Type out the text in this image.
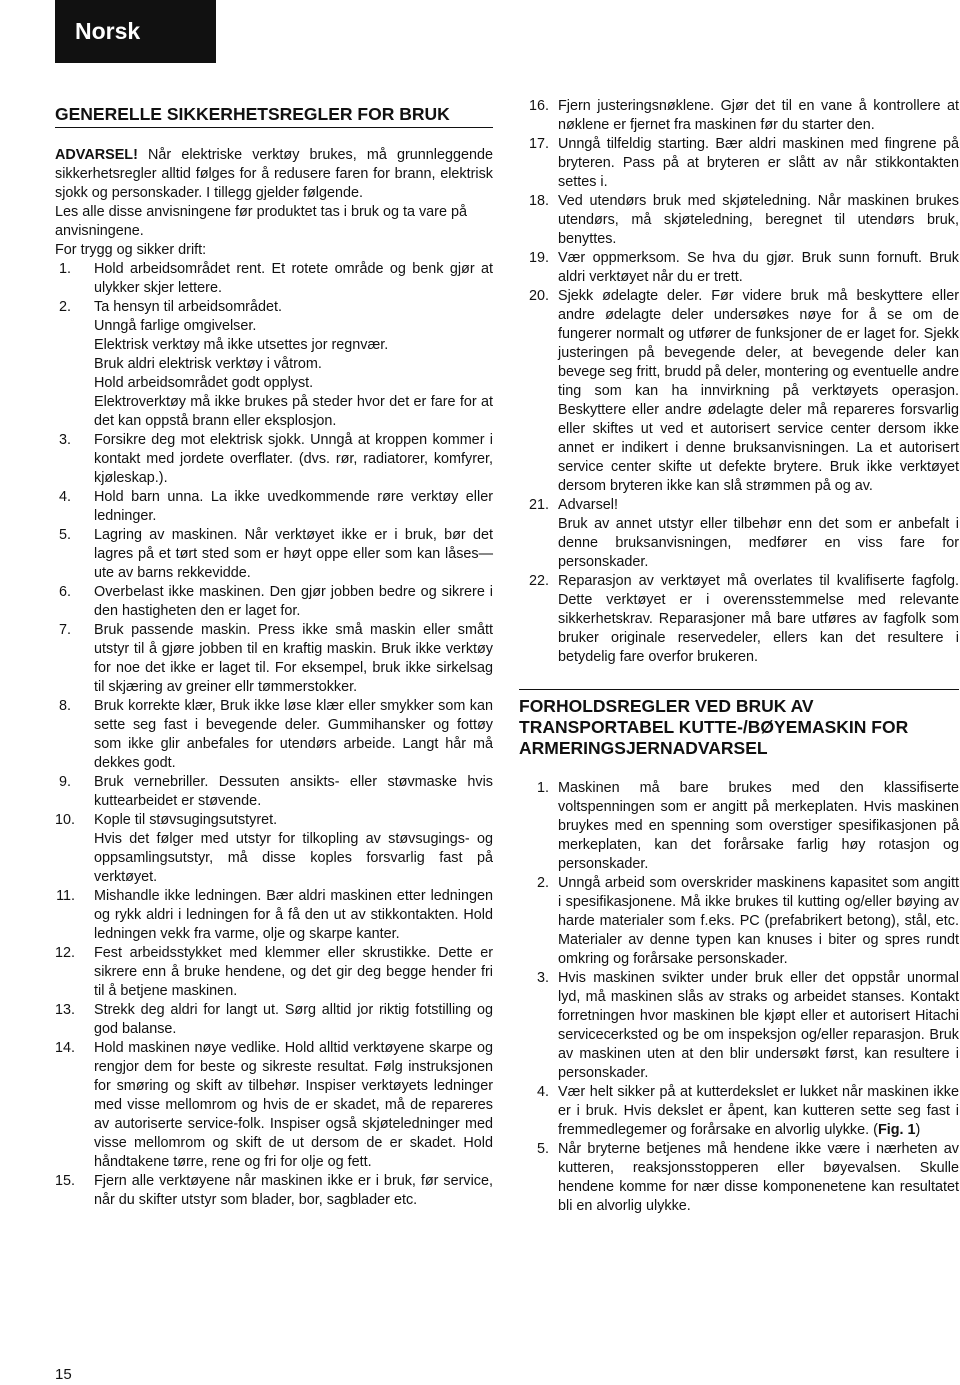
Norsk
GENERELLE SIKKERHETSREGLER FOR BRUK

ADVARSEL! Når elektriske verktøy brukes, må grunnleggende sikkerhetsregler alltid følges for å redusere faren for brann, elektrisk sjokk og personskader. I tillegg gjelder følgende.

Les alle disse anvisningene før produktet tas i bruk og ta vare på anvisningene.

For trygg og sikker drift:

1. Hold arbeidsområdet rent. Et rotete område og benk gjør at ulykker skjer lettere.
2. Ta hensyn til arbeidsområdet.
Unngå farlige omgivelser.
Elektrisk verktøy må ikke utsettes jor regnvær.
Bruk aldri elektrisk verktøy i våtrom.
Hold arbeidsområdet godt opplyst.
Elektroverktøy må ikke brukes på steder hvor det er fare for at det kan oppstå brann eller eksplosjon.
3. Forsikre deg mot elektrisk sjokk. Unngå at kroppen kommer i kontakt med jordete overflater. (dvs. rør, radiatorer, komfyrer, kjøleskap.).
4. Hold barn unna. La ikke uvedkommende røre verktøy eller ledninger.
5. Lagring av maskinen. Når verktøyet ikke er i bruk, bør det lagres på et tørt sted som er høyt oppe eller som kan låses—ute av barns rekkevidde.
6. Overbelast ikke maskinen. Den gjør jobben bedre og sikrere i den hastigheten den er laget for.
7. Bruk passende maskin. Press ikke små maskin eller smått utstyr til å gjøre jobben til en kraftig maskin. Bruk ikke verktøy for noe det ikke er laget til. For eksempel, bruk ikke sirkelsag til skjæring av greiner ellr tømmerstokker.
8. Bruk korrekte klær, Bruk ikke løse klær eller smykker som kan sette seg fast i bevegende deler. Gummihansker og fottøy som ikke glir anbefales for utendørs arbeide. Langt hår må dekkes godt.
9. Bruk vernebriller. Dessuten ansikts- eller støvmaske hvis kuttearbeidet er støvende.
10. Kople til støvsugingsutstyret.
Hvis det følger med utstyr for tilkopling av støvsugings- og oppsamlingsutstyr, må disse koples forsvarlig fast på verktøyet.
11. Mishandle ikke ledningen. Bær aldri maskinen etter ledningen og rykk aldri i ledningen for å få den ut av stikkontakten. Hold ledningen vekk fra varme, olje og skarpe kanter.
12. Fest arbeidsstykket med klemmer eller skrustikke. Dette er sikrere enn å bruke hendene, og det gir deg begge hender fri til å betjene maskinen.
13. Strekk deg aldri for langt ut. Sørg alltid jor riktig fotstilling og god balanse.
14. Hold maskinen nøye vedlike. Hold alltid verktøyene skarpe og rengjor dem for beste og sikreste resultat. Følg instruksjonen for smøring og skift av tilbehør. Inspiser verktøyets ledninger med visse mellomrom og hvis de er skadet, må de repareres av autoriserte service-folk. Inspiser også skjøteledninger med visse mellomrom og skift de ut dersom de er skadet. Hold håndtakene tørre, rene og fri for olje og fett.
15. Fjern alle verktøyene når maskinen ikke er i bruk, før service, når du skifter utstyr som blader, bor, sagblader etc.
16. Fjern justeringsnøklene. Gjør det til en vane å kontrollere at nøklene er fjernet fra maskinen før du starter den.
17. Unngå tilfeldig starting. Bær aldri maskinen med fingrene på bryteren. Pass på at bryteren er slått av når stikkontakten settes i.
18. Ved utendørs bruk med skjøteledning. Når maskinen brukes utendørs, må skjøteledning, beregnet til utendørs bruk, benyttes.
19. Vær oppmerksom. Se hva du gjør. Bruk sunn fornuft. Bruk aldri verktøyet når du er trett.
20. Sjekk ødelagte deler. Før videre bruk må beskyttere eller andre ødelagte deler undersøkes nøye for å se om de fungerer normalt og utfører de funksjoner de er laget for. Sjekk justeringen på bevegende deler, at bevegende deler kan bevege seg fritt, brudd på deler, montering og eventuelle andre ting som kan ha innvirkning på verktøyets operasjon. Beskyttere eller andre ødelagte deler må repareres forsvarlig eller skiftes ut ved et autorisert service center dersom ikke annet er indikert i denne bruksanvisningen. La et autorisert service center skifte ut defekte brytere. Bruk ikke verktøyet dersom bryteren ikke kan slå strømmen på og av.
21. Advarsel!
Bruk av annet utstyr eller tilbehør enn det som er anbefalt i denne bruksanvisningen, medfører en viss fare for personskader.
22. Reparasjon av verktøyet må overlates til kvalifiserte fagfolg. Dette verktøyet er i overensstemmelse med relevante sikkerhetskrav. Reparasjoner må bare utføres av fagfolk som bruker originale reservedeler, ellers kan det resultere i betydelig fare overfor brukeren.
FORHOLDSREGLER VED BRUK AV TRANSPORTABEL KUTTE-/BØYEMASKIN FOR ARMERINGSJERNADVARSEL
1. Maskinen må bare brukes med den klassifiserte voltspenningen som er angitt på merkeplaten. Hvis maskinen bruykes med en spenning som overstiger spesifikasjonen på merkeplaten, kan det forårsake farlig høy rotasjon og personskader.
2. Unngå arbeid som overskrider maskinens kapasitet som angitt i spesifikasjonene. Må ikke brukes til kutting og/eller bøying av harde materialer som f.eks. PC (prefabrikert betong), stål, etc. Materialer av denne typen kan knuses i biter og spres rundt omkring og forårsake personskader.
3. Hvis maskinen svikter under bruk eller det oppstår unormal lyd, må maskinen slås av straks og arbeidet stanses. Kontakt forretningen hvor maskinen ble kjøpt eller et autorisert Hitachi servicecerksted og be om inspeksjon og/eller reparasjon. Bruk av maskinen uten at den blir undersøkt først, kan resultere i personskader.
4. Vær helt sikker på at kutterdekslet er lukket når maskinen ikke er i bruk. Hvis dekslet er åpent, kan kutteren sette seg fast i fremmedlegemer og forårsake en alvorlig ulykke. (Fig. 1)
5. Når bryterne betjenes må hendene ikke være i nærheten av kutteren, reaksjonsstopperen eller bøyevalsen. Skulle hendene komme for nær disse komponenetene kan resultatet bli en alvorlig ulykke.
15
